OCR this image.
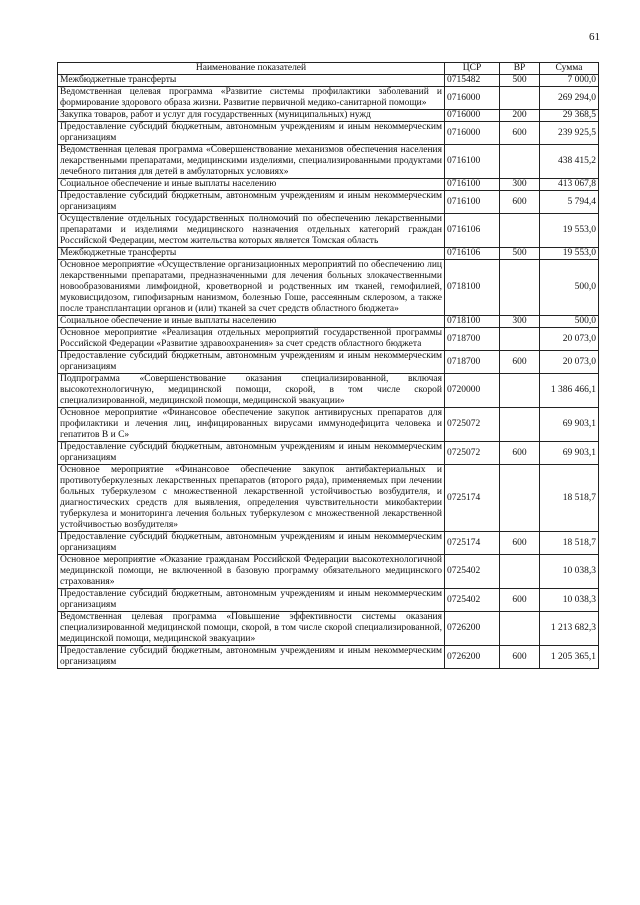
61
Наименование показателей	ЦСР	ВР	Сумма
Межбюджетные трансферты	0715482	500	7 000,0
Ведомственная целевая программа «Развитие системы профилактики заболеваний и формирование здорового образа жизни. Развитие первичной медико-санитарной помощи»	0716000		269 294,0
Закупка товаров, работ и услуг для государственных (муниципальных) нужд	0716000	200	29 368,5
Предоставление субсидий бюджетным, автономным учреждениям и иным некоммерческим организациям	0716000	600	239 925,5
Ведомственная целевая программа «Совершенствование механизмов обеспечения населения лекарственными препаратами, медицинскими изделиями, специализированными продуктами лечебного питания для детей в амбулаторных условиях»	0716100		438 415,2
Социальное обеспечение и иные выплаты населению	0716100	300	413 067,8
Предоставление субсидий бюджетным, автономным учреждениям и иным некоммерческим организациям	0716100	600	5 794,4
Осуществление отдельных государственных полномочий по обеспечению лекарственными препаратами и изделиями медицинского назначения отдельных категорий граждан Российской Федерации, местом жительства которых является Томская область	0716106		19 553,0
Межбюджетные трансферты	0716106	500	19 553,0
Основное мероприятие «Осуществление организационных мероприятий по обеспечению лиц лекарственными препаратами, предназначенными для лечения больных злокачественными новообразованиями лимфоидной, кроветворной и родственных им тканей, гемофилией, муковисцидозом, гипофизарным нанизмом, болезнью Гоше, рассеянным склерозом, а также после трансплантации органов и (или) тканей за счет средств областного бюджета»	0718100		500,0
Социальное обеспечение и иные выплаты населению	0718100	300	500,0
Основное мероприятие «Реализация отдельных мероприятий государственной программы Российской Федерации «Развитие здравоохранения» за счет средств областного бюджета	0718700		20 073,0
Предоставление субсидий бюджетным, автономным учреждениям и иным некоммерческим организациям	0718700	600	20 073,0
Подпрограмма «Совершенствование оказания специализированной, включая высокотехнологичную, медицинской помощи, скорой, в том числе скорой специализированной, медицинской помощи, медицинской эвакуации»	0720000		1 386 466,1
Основное мероприятие «Финансовое обеспечение закупок антивирусных препаратов для профилактики и лечения лиц, инфицированных вирусами иммунодефицита человека и гепатитов В и С»	0725072		69 903,1
Предоставление субсидий бюджетным, автономным учреждениям и иным некоммерческим организациям	0725072	600	69 903,1
Основное мероприятие «Финансовое обеспечение закупок антибактериальных и противотуберкулезных лекарственных препаратов (второго ряда), применяемых при лечении больных туберкулезом с множественной лекарственной устойчивостью возбудителя, и диагностических средств для выявления, определения чувствительности микобактерии туберкулеза и мониторинга лечения больных туберкулезом с множественной лекарственной устойчивостью возбудителя»	0725174		18 518,7
Предоставление субсидий бюджетным, автономным учреждениям и иным некоммерческим организациям	0725174	600	18 518,7
Основное мероприятие «Оказание гражданам Российской Федерации высокотехнологичной медицинской помощи, не включенной в базовую программу обязательного медицинского страхования»	0725402		10 038,3
Предоставление субсидий бюджетным, автономным учреждениям и иным некоммерческим организациям	0725402	600	10 038,3
Ведомственная целевая программа «Повышение эффективности системы оказания специализированной медицинской помощи, скорой, в том числе скорой специализированной, медицинской помощи, медицинской эвакуации»	0726200		1 213 682,3
Предоставление субсидий бюджетным, автономным учреждениям и иным некоммерческим организациям	0726200	600	1 205 365,1
